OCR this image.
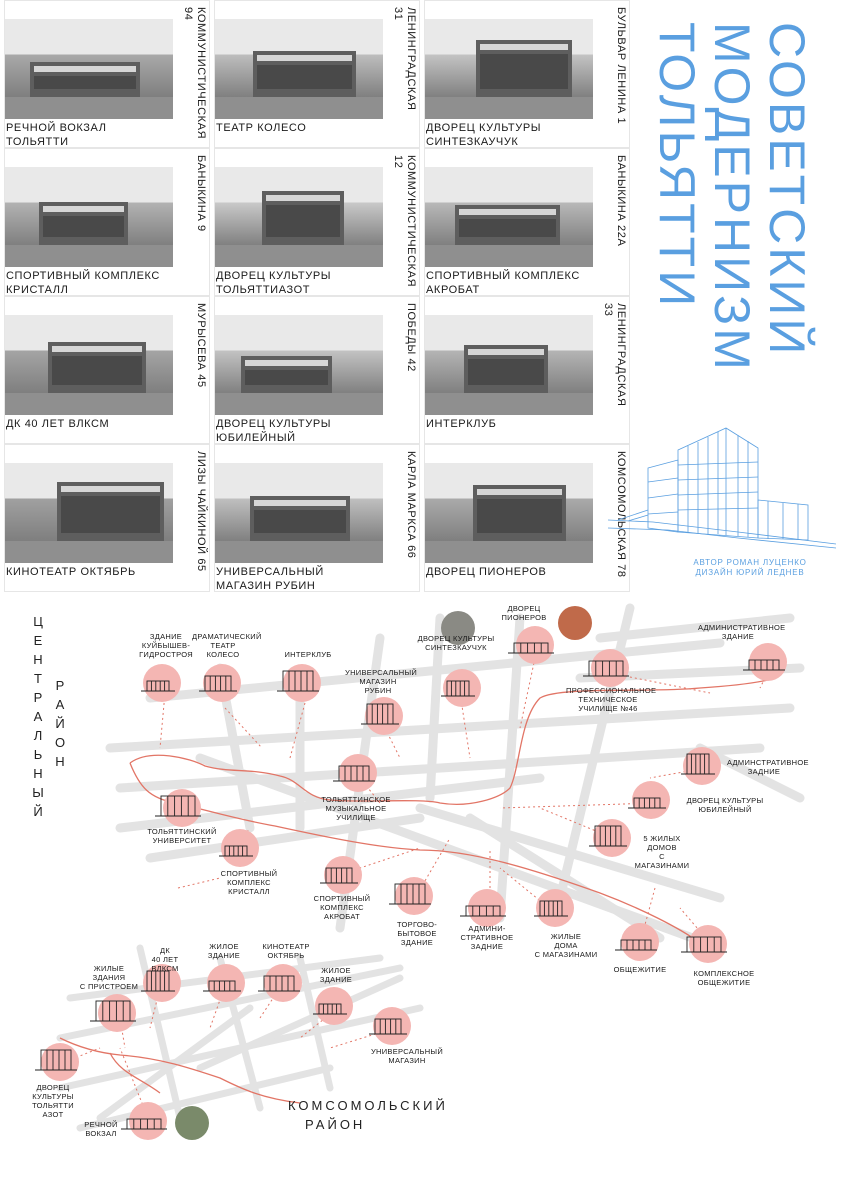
РЕЧНОЙ ВОКЗАЛ
ТОЛЬЯТТИ
КОММУНИСТИЧЕСКАЯ
94
ТЕАТР КОЛЕСО
ЛЕНИНГРАДСКАЯ
31
ДВОРЕЦ КУЛЬТУРЫ
СИНТЕЗКАУЧУК
БУЛЬВАР ЛЕНИНА 1
СПОРТИВНЫЙ КОМПЛЕКС
КРИСТАЛЛ
БАНЫКИНА 9
ДВОРЕЦ КУЛЬТУРЫ
ТОЛЬЯТТИАЗОТ
КОММУНИСТИЧЕСКАЯ
12
СПОРТИВНЫЙ КОМПЛЕКС
АКРОБАТ
БАНЫКИНА 22А
ДК 40 ЛЕТ ВЛКСМ
МУРЫСЕВА 45
ДВОРЕЦ КУЛЬТУРЫ
ЮБИЛЕЙНЫЙ
ПОБЕДЫ 42
ИНТЕРКЛУБ
ЛЕНИНГРАДСКАЯ
33
КИНОТЕАТР ОКТЯБРЬ
ЛИЗЫ ЧАЙКИНОЙ 65
УНИВЕРСАЛЬНЫЙ
МАГАЗИН РУБИН
КАРЛА МАРКСА 66
ДВОРЕЦ ПИОНЕРОВ	КОМСОМОЛЬСКАЯ 78
СОВЕТСКИЙ
МОДЕРНИЗМ
ТОЛЬЯТТИ
АВТОР РОМАН ЛУЦЕНКО
ДИЗАЙН ЮРИЙ ЛЕДНЕВ
Ц
Е
Н
Т
Р
А
Л
Ь
Н
Ы
Й
Р
А
Й
О
Н
КОМСОМОЛЬСКИЙ
РАЙОН
ЗДАНИЕ
КУЙБЫШЕВ-
ГИДРОСТРОЯ
ДРАМАТИЧЕСКИЙ
ТЕАТР
КОЛЕСО	ИНТЕРКЛУБ
ДВОРЕЦ
ПИОНЕРОВ
ДВОРЕЦ КУЛЬТУРЫ
СИНТЕЗКАУЧУК
УНИВЕРСАЛЬНЫЙ
МАГАЗИН
РУБИН
АДМИНИСТРАТИВНОЕ
ЗДАНИЕ
ПРОФЕССИОНАЛЬНОЕ
ТЕХНИЧЕСКОЕ
УЧИЛИЩЕ №46
АДМИНСТРАТИВНОЕ
ЗАДНИЕ
ДВОРЕЦ КУЛЬТУРЫ
ЮБИЛЕЙНЫЙ
ТОЛЬЯТТИНСКОЕ
МУЗЫКАЛЬНОЕ
УЧИЛИЩЕ
ТОЛЬЯТТИНСКИЙ
УНИВЕРСИТЕТ
СПОРТИВНЫЙ
КОМПЛЕКС
КРИСТАЛЛ
СПОРТИВНЫЙ
КОМПЛЕКС
АКРОБАТ
ТОРГОВО-
БЫТОВОЕ
ЗДАНИЕ
АДМИНИ-
СТРАТИВНОЕ
ЗАДНИЕ
ЖИЛЫЕ
ДОМА
С МАГАЗИНАМИ
5 ЖИЛЫХ
ДОМОВ
С МАГАЗИНАМИ
ОБЩЕЖИТИЕ	КОМПЛЕКСНОЕ
ОБЩЕЖИТИЕ
ДК
40 ЛЕТ ВЛКСМ
ЖИЛОЕ
ЗДАНИЕ
КИНОТЕАТР
ОКТЯБРЬ
ЖИЛЫЕ
ЗДАНИЯ
С ПРИСТРОЕМ
ЖИЛОЕ
ЗДАНИЕ
УНИВЕРСАЛЬНЫЙ
МАГАЗИН
ДВОРЕЦ
КУЛЬТУРЫ
ТОЛЬЯТТИ
АЗОТ
РЕЧНОЙ
ВОКЗАЛ
